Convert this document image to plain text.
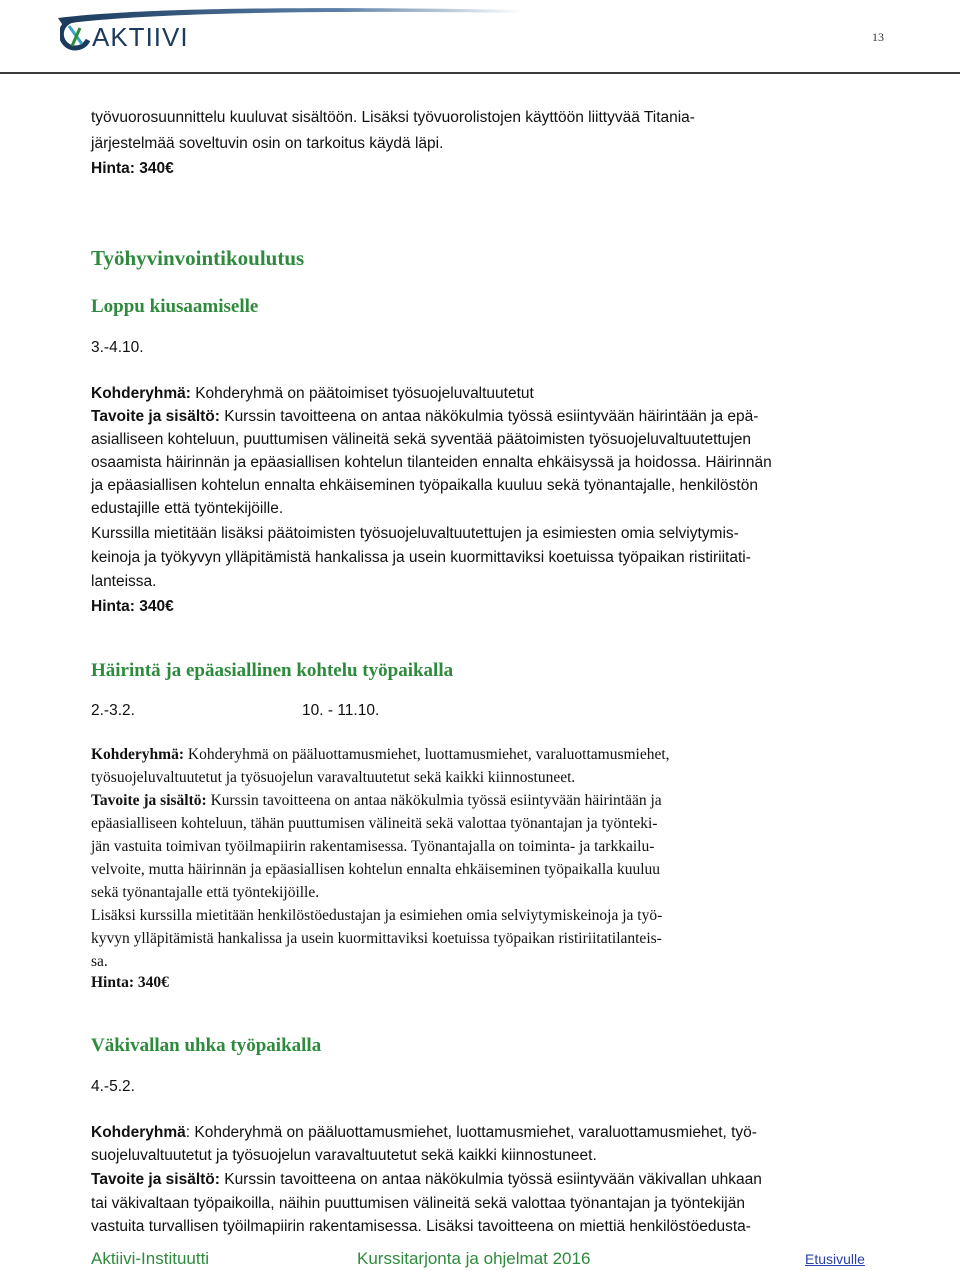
AKTIIVI	13
työvuorosuunnittelu kuuluvat sisältöön. Lisäksi työvuorolistojen käyttöön liittyvää Titania-
järjestelmää soveltuvin osin on tarkoitus käydä läpi.
Hinta: 340€
Työhyvinvointikoulutus
Loppu kiusaamiselle
3.-4.10.
Kohderyhmä: Kohderyhmä on päätoimiset työsuojeluvaltuutetut
Tavoite ja sisältö: Kurssin tavoitteena on antaa näkökulmia työssä esiintyvään häirintään ja epä-
asialliseen kohteluun, puuttumisen välineitä sekä syventää päätoimisten työsuojeluvaltuutettujen
osaamista häirinnän ja epäasiallisen kohtelun tilanteiden ennalta ehkäisyssä ja hoidossa. Häirinnän
ja epäasiallisen kohtelun ennalta ehkäiseminen työpaikalla kuuluu sekä työnantajalle, henkilöstön
edustajille että työntekijöille.
Kurssilla mietitään lisäksi päätoimisten työsuojeluvaltuutettujen ja esimiesten omia selviytymis-
keinoja ja työkyvyn ylläpitämistä hankalissa ja usein kuormittaviksi koetuissa työpaikan ristiriitati-
lanteissa.
Hinta: 340€
Häirintä ja epäasiallinen kohtelu työpaikalla
2.-3.2.	10. - 11.10.
Kohderyhmä: Kohderyhmä on pääluottamusmiehet, luottamusmiehet, varaluottamusmiehet,
työsuojeluvaltuutetut ja työsuojelun varavaltuutetut sekä kaikki kiinnostuneet.
Tavoite ja sisältö: Kurssin tavoitteena on antaa näkökulmia työssä esiintyvään häirintään ja
epäasialliseen kohteluun, tähän puuttumisen välineitä sekä valottaa työnantajan ja työnteki-
jän vastuita toimivan työilmapiirin rakentamisessa. Työnantajalla on toiminta- ja tarkkailu-
velvoite, mutta häirinnän ja epäasiallisen kohtelun ennalta ehkäiseminen työpaikalla kuuluu
sekä työnantajalle että työntekijöille.
Lisäksi kurssilla mietitään henkilöstöedustajan ja esimiehen omia selviytymiskeinoja ja työ-
kyvyn ylläpitämistä hankalissa ja usein kuormittaviksi koetuissa työpaikan ristiriitatilanteis-
sa.
Hinta: 340€
Väkivallan uhka työpaikalla
4.-5.2.
Kohderyhmä: Kohderyhmä on pääluottamusmiehet, luottamusmiehet, varaluottamusmiehet, työ-
suojeluvaltuutetut ja työsuojelun varavaltuutetut sekä kaikki kiinnostuneet.
Tavoite ja sisältö: Kurssin tavoitteena on antaa näkökulmia työssä esiintyvään väkivallan uhkaan
tai väkivaltaan työpaikoilla, näihin puuttumisen välineitä sekä valottaa työnantajan ja työntekijän
vastuita turvallisen työilmapiirin rakentamisessa. Lisäksi tavoitteena on miettiä henkilöstöedusta-
Aktiivi-Instituutti	Kurssitarjonta ja ohjelmat 2016	Etusivulle
